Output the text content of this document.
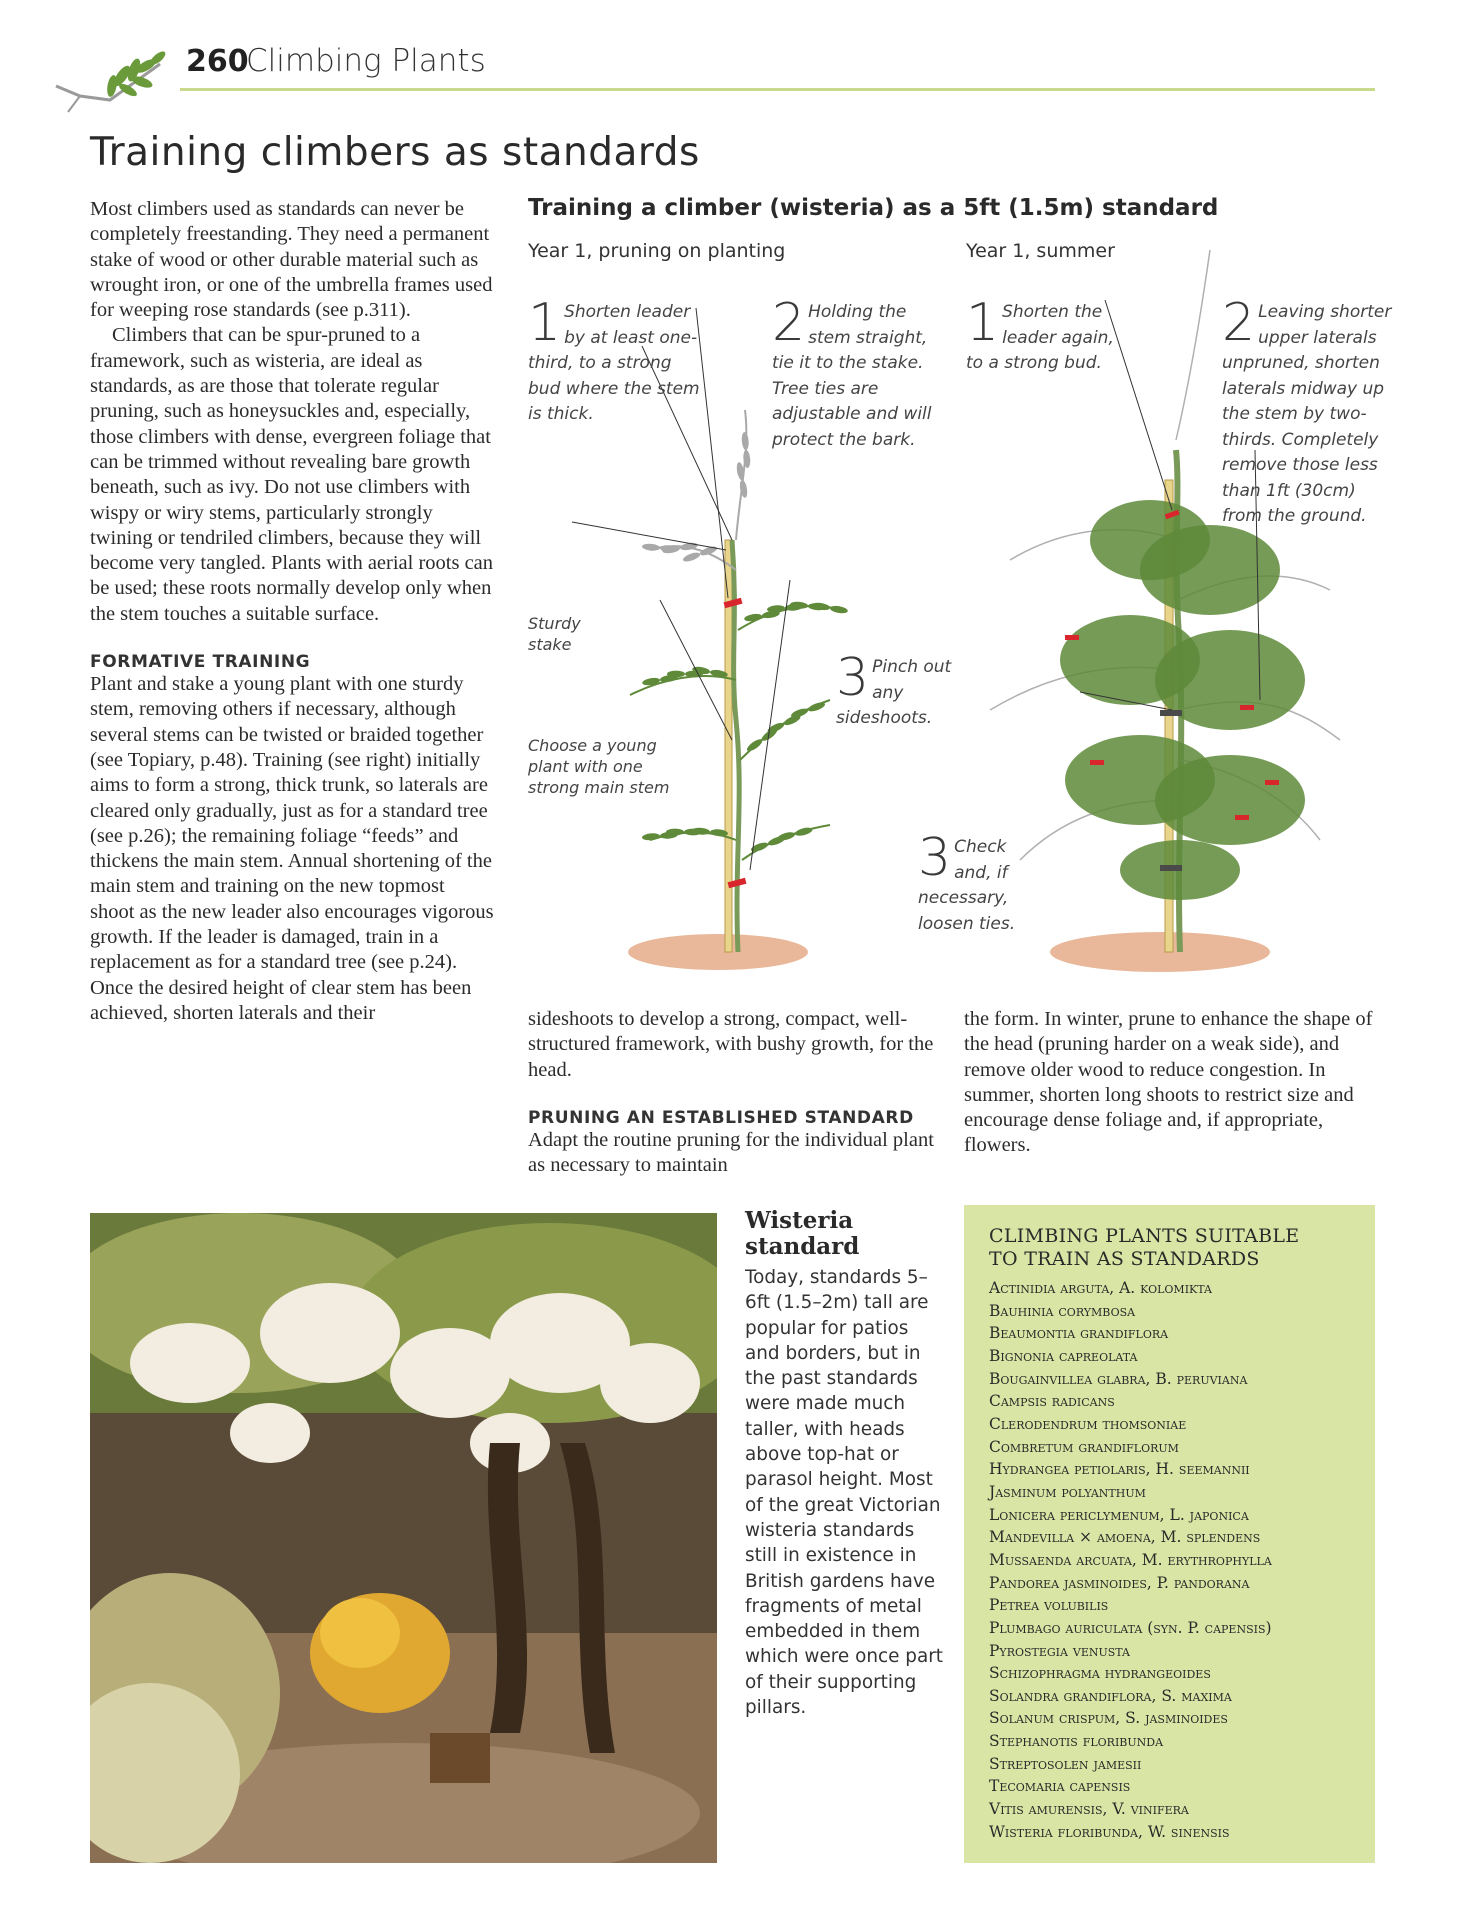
260
Climbing Plants
Training climbers as standards

Most climbers used as standards can never be completely freestanding. They need a permanent stake of wood or other durable material such as wrought iron, or one of the umbrella frames used for weeping rose standards (see p.311).

Climbers that can be spur-pruned to a framework, such as wisteria, are ideal as standards, as are those that tolerate regular pruning, such as honeysuckles and, especially, those climbers with dense, evergreen foliage that can be trimmed without revealing bare growth beneath, such as ivy. Do not use climbers with wispy or wiry stems, particularly strongly twining or tendriled climbers, because they will become very tangled. Plants with aerial roots can be used; these roots normally develop only when the stem touches a suitable surface.

FORMATIVE TRAINING

Plant and stake a young plant with one sturdy stem, removing others if necessary, although several stems can be twisted or braided together (see Topiary, p.48). Training (see right) initially aims to form a strong, thick trunk, so laterals are cleared only gradually, just as for a standard tree (see p.26); the remaining foliage “feeds” and thickens the main stem. Annual shortening of the main stem and training on the new topmost shoot as the new leader also encourages vigorous growth. If the leader is damaged, train in a replacement as for a standard tree (see p.24). Once the desired height of clear stem has been achieved, shorten laterals and their

Training a climber (wisteria) as a 5ft (1.5m) standard
Year 1, pruning on planting	Year 1, summer
1 Shorten leader by at least one-third, to a strong bud where the stem is thick.
2 Holding the stem straight, tie it to the stake. Tree ties are adjustable and will protect the bark.
3 Pinch out any sideshoots.
Sturdy stake
Choose a young plant with one strong main stem
1 Shorten the leader again, to a strong bud.
2 Leaving shorter upper laterals unpruned, shorten laterals midway up the stem by two-thirds. Completely remove those less than 1ft (30cm) from the ground.
3 Check and, if necessary, loosen ties.

sideshoots to develop a strong, compact, well-structured framework, with bushy growth, for the head.

PRUNING AN ESTABLISHED STANDARD

Adapt the routine pruning for the individual plant as necessary to maintain

the form. In winter, prune to enhance the shape of the head (pruning harder on a weak side), and remove older wood to reduce congestion. In summer, shorten long shoots to restrict size and encourage dense foliage and, if appropriate, flowers.

Wisteria standard
Today, standards 5–6ft (1.5–2m) tall are popular for patios and borders, but in the past standards were made much taller, with heads above top-hat or parasol height. Most of the great Victorian wisteria standards still in existence in British gardens have fragments of metal embedded in them which were once part of their supporting pillars.
CLIMBING PLANTS SUITABLE TO TRAIN AS STANDARDS
Actinidia arguta, A. kolomikta
Bauhinia corymbosa
Beaumontia grandiflora
Bignonia capreolata
Bougainvillea glabra, B. peruviana
Campsis radicans
Clerodendrum thomsoniae
Combretum grandiflorum
Hydrangea petiolaris, H. seemannii
Jasminum polyanthum
Lonicera periclymenum, L. japonica
Mandevilla × amoena, M. splendens
Mussaenda arcuata, M. erythrophylla
Pandorea jasminoides, P. pandorana
Petrea volubilis
Plumbago auriculata (syn. P. capensis)
Pyrostegia venusta
Schizophragma hydrangeoides
Solandra grandiflora, S. maxima
Solanum crispum, S. jasminoides
Stephanotis floribunda
Streptosolen jamesii
Tecomaria capensis
Vitis amurensis, V. vinifera
Wisteria floribunda, W. sinensis
